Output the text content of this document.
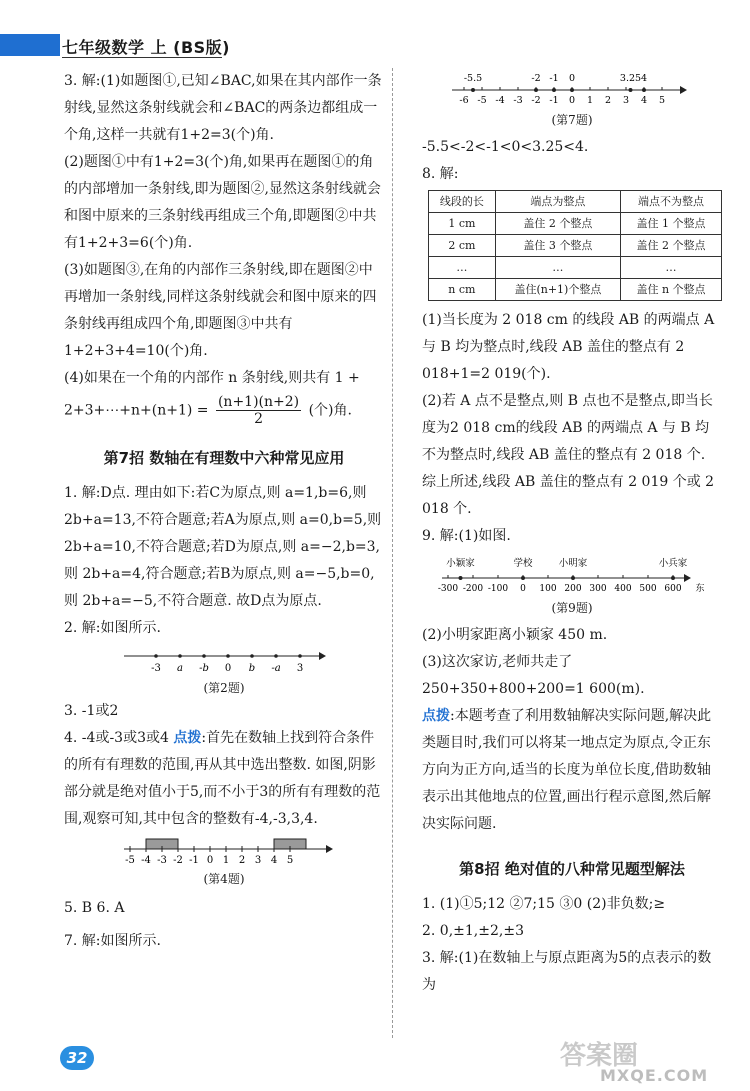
七年级数学 上 (BS版)

3. 解:(1)如题图①,已知∠BAC,如果在其内部作一条射线,显然这条射线就会和∠BAC的两条边都组成一个角,这样一共就有1+2=3(个)角.

(2)题图①中有1+2=3(个)角,如果再在题图①的角的内部增加一条射线,即为题图②,显然这条射线就会和图中原来的三条射线再组成三个角,即题图②中共有1+2+3=6(个)角.

(3)如题图③,在角的内部作三条射线,即在题图②中再增加一条射线,同样这条射线就会和图中原来的四条射线再组成四个角,即题图③中共有1+2+3+4=10(个)角.

(4)如果在一个角的内部作 n 条射线,则共有 1 +

2+3+⋯+n+(n+1) = $\frac{(n+1)(n+2)}{2}$ (个)角.

第7招 数轴在有理数中六种常见应用

1. 解:D点. 理由如下:若C为原点,则 a=1,b=6,则 2b+a=13,不符合题意;若A为原点,则 a=0,b=5,则 2b+a=10,不符合题意;若D为原点,则 a=−2,b=3,则 2b+a=4,符合题意;若B为原点,则 a=−5,b=0,则 2b+a=−5,不符合题意. 故D点为原点.

2. 解:如图所示.

-3 a -b 0 b -a 3
(第2题)

3. -1或2

4. -4或-3或3或4 点拨:首先在数轴上找到符合条件的所有有理数的范围,再从其中选出整数. 如图,阴影部分就是绝对值小于5,而不小于3的所有有理数的范围,观察可知,其中包含的整数有-4,-3,3,4.

-5 -4 -3 -2 -1 0 1 2 3 4 5
(第4题)

5. B 6. A

7. 解:如图所示.

-6 -5 -4 -3 -2 -1 0 1 2 3 4 5
-5.5	-2 -1 0	3.25 4
(第7题)

-5.5<-2<-1<0<3.25<4.

8. 解:

线段的长	端点为整点	端点不为整点
1 cm	盖住 2 个整点	盖住 1 个整点
2 cm	盖住 3 个整点	盖住 2 个整点
…	…	…
n cm	盖住(n+1)个整点	盖住 n 个整点

(1)当长度为 2 018 cm 的线段 AB 的两端点 A 与 B 均为整点时,线段 AB 盖住的整点有 2 018+1=2 019(个).

(2)若 A 点不是整点,则 B 点也不是整点,即当长度为2 018 cm的线段 AB 的两端点 A 与 B 均不为整点时,线段 AB 盖住的整点有 2 018 个.

综上所述,线段 AB 盖住的整点有 2 019 个或 2 018 个.

9. 解:(1)如图.

-300 -200 -100 0 100 200 300 400 500 600 东
小颖家	学校	小明家	小兵家
(第9题)

(2)小明家距离小颖家 450 m.

(3)这次家访,老师共走了 250+350+800+200=1 600(m).

点拨:本题考查了利用数轴解决实际问题,解决此类题目时,我们可以将某一地点定为原点,令正东方向为正方向,适当的长度为单位长度,借助数轴表示出其他地点的位置,画出行程示意图,然后解决实际问题.

第8招 绝对值的八种常见题型解法

1. (1)①5;12 ②7;15 ③0 (2)非负数;≥

2. 0,±1,±2,±3

3. 解:(1)在数轴上与原点距离为5的点表示的数为

32	答案圈
MXQE.COM
